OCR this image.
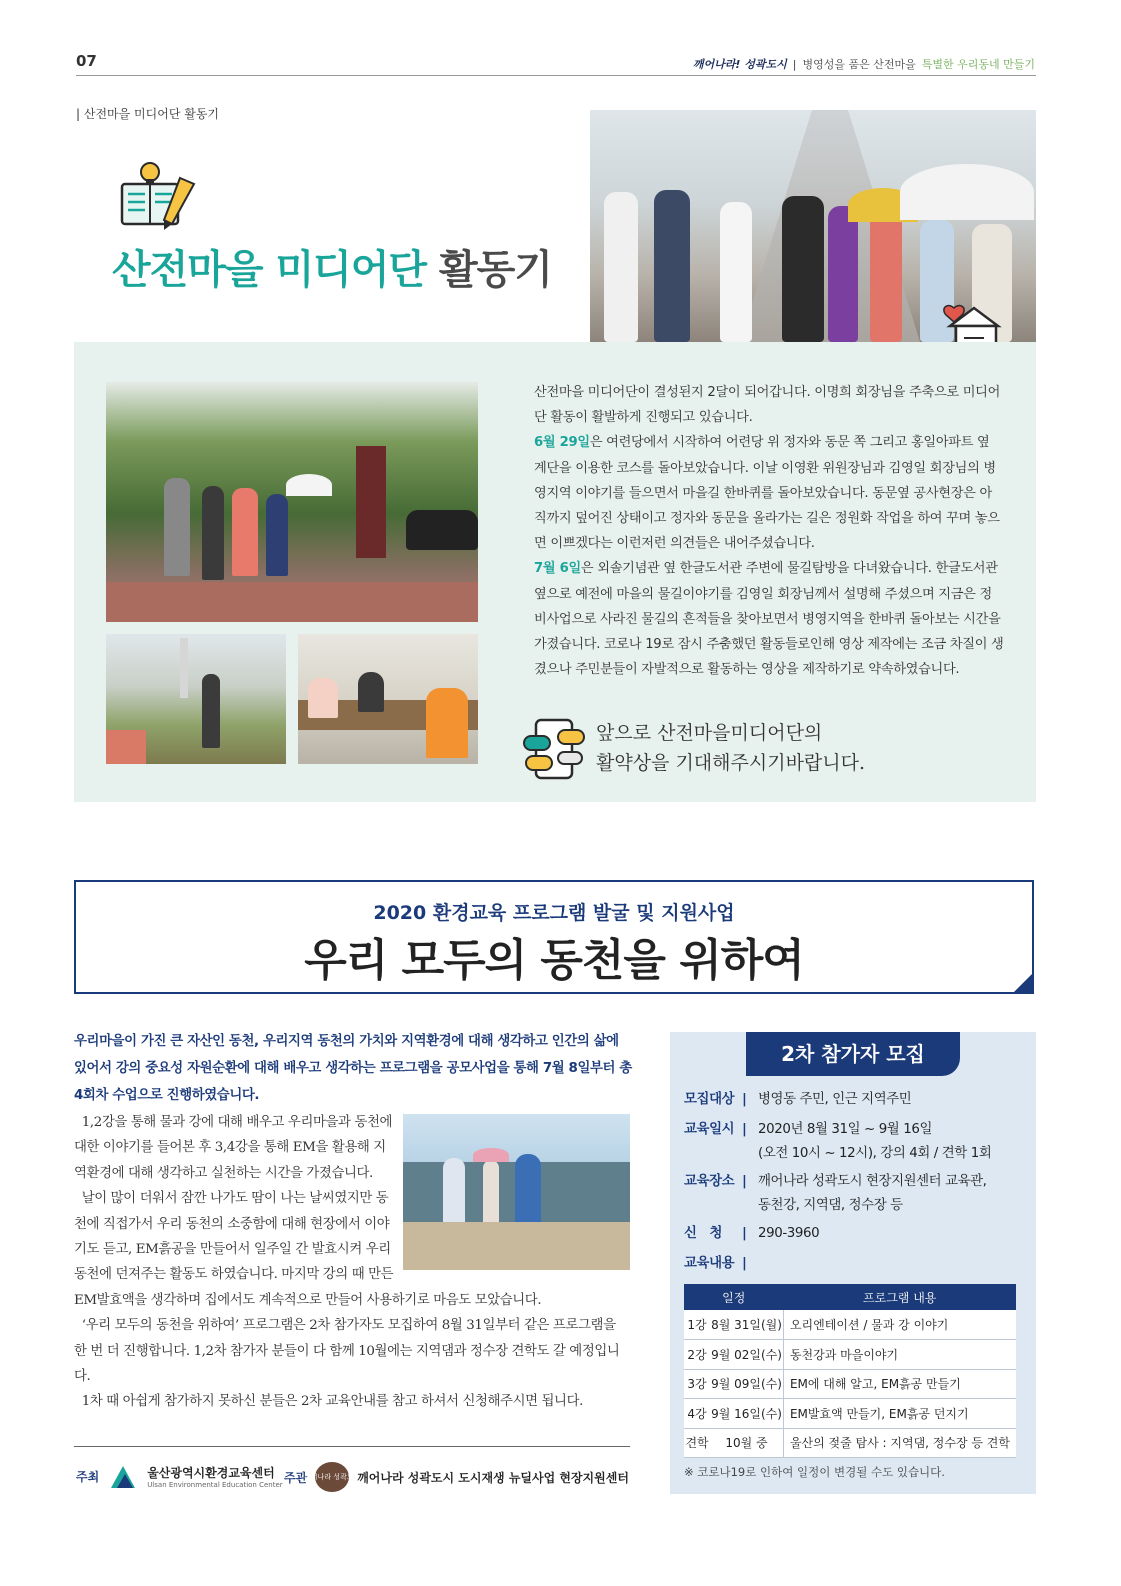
07	깨어나라! 성곽도시 | 병영성을 품은 산전마을 특별한 우리동네 만들기
| 산전마을 미디어단 활동기
산전마을 미디어단 활동기

산전마을 미디어단이 결성된지 2달이 되어갑니다. 이명희 회장님을 주축으로 미디어단 활동이 활발하게 진행되고 있습니다.

6월 29일은 여련당에서 시작하여 어련당 위 정자와 동문 쪽 그리고 홍일아파트 옆 계단을 이용한 코스를 돌아보았습니다. 이날 이영환 위원장님과 김영일 회장님의 병영지역 이야기를 들으면서 마을길 한바퀴를 돌아보았습니다. 동문옆 공사현장은 아직까지 덮어진 상태이고 정자와 동문을 올라가는 길은 정원화 작업을 하여 꾸며 놓으면 이쁘겠다는 이런저런 의견들은 내어주셨습니다.

7월 6일은 외솔기념관 옆 한글도서관 주변에 물길탐방을 다녀왔습니다. 한글도서관 옆으로 예전에 마을의 물길이야기를 김영일 회장님께서 설명해 주셨으며 지금은 정비사업으로 사라진 물길의 흔적들을 찾아보면서 병영지역을 한바퀴 돌아보는 시간을 가졌습니다. 코로나 19로 잠시 주춤했던 활동들로인해 영상 제작에는 조금 차질이 생겼으나 주민분들이 자발적으로 활동하는 영상을 제작하기로 약속하였습니다.

앞으로 산전마을미디어단의
활약상을 기대해주시기바랍니다.
2020 환경교육 프로그램 발굴 및 지원사업
우리 모두의 동천을 위하여
우리마을이 가진 큰 자산인 동천, 우리지역 동천의 가치와 지역환경에 대해 생각하고 인간의 삶에 있어서 강의 중요성 자원순환에 대해 배우고 생각하는 프로그램을 공모사업을 통해 7월 8일부터 총 4회차 수업으로 진행하였습니다.

1,2강을 통해 물과 강에 대해 배우고 우리마을과 동천에 대한 이야기를 들어본 후 3,4강을 통해 EM을 활용해 지역환경에 대해 생각하고 실천하는 시간을 가졌습니다.

날이 많이 더워서 잠깐 나가도 땀이 나는 날씨였지만 동천에 직접가서 우리 동천의 소중함에 대해 현장에서 이야기도 듣고, EM흙공을 만들어서 일주일 간 발효시켜 우리 동천에 던져주는 활동도 하였습니다. 마지막 강의 때 만든 EM발효액을 생각하며 집에서도 계속적으로 만들어 사용하기로 마음도 모았습니다.

‘우리 모두의 동천을 위하여’ 프로그램은 2차 참가자도 모집하여 8월 31일부터 같은 프로그램을 한 번 더 진행합니다. 1,2차 참가자 분들이 다 함께 10월에는 지역댐과 정수장 견학도 갈 예정입니다.

1차 때 아쉽게 참가하지 못하신 분들은 2차 교육안내를 참고 하셔서 신청해주시면 됩니다.

주최	울산광역시환경교육센터
Ulsan Environmental Education Center 주관
깨어나라 성곽도시
깨어나라 성곽도시 도시재생 뉴딜사업 현장지원센터
2차 참가자 모집
모집대상 | 병영동 주민, 인근 지역주민
교육일시 | 2020년 8월 31일 ~ 9월 16일
(오전 10시 ~ 12시), 강의 4회 / 견학 1회
교육장소 | 깨어나라 성곽도시 현장지원센터 교육관,
동천강, 지역댐, 정수장 등
신　청	| 290-3960
교육내용 |
일정		프로그램 내용
1강	8월 31일(월)	오리엔테이션 / 물과 강 이야기
2강	9월 02일(수)	동천강과 마을이야기
3강	9월 09일(수)	EM에 대해 알고, EM흙공 만들기
4강	9월 16일(수)	EM발효액 만들기, EM흙공 던지기
견학	10월 중	울산의 젖줄 탐사 : 지역댐, 정수장 등 견학
※ 코로나19로 인하여 일정이 변경될 수도 있습니다.
